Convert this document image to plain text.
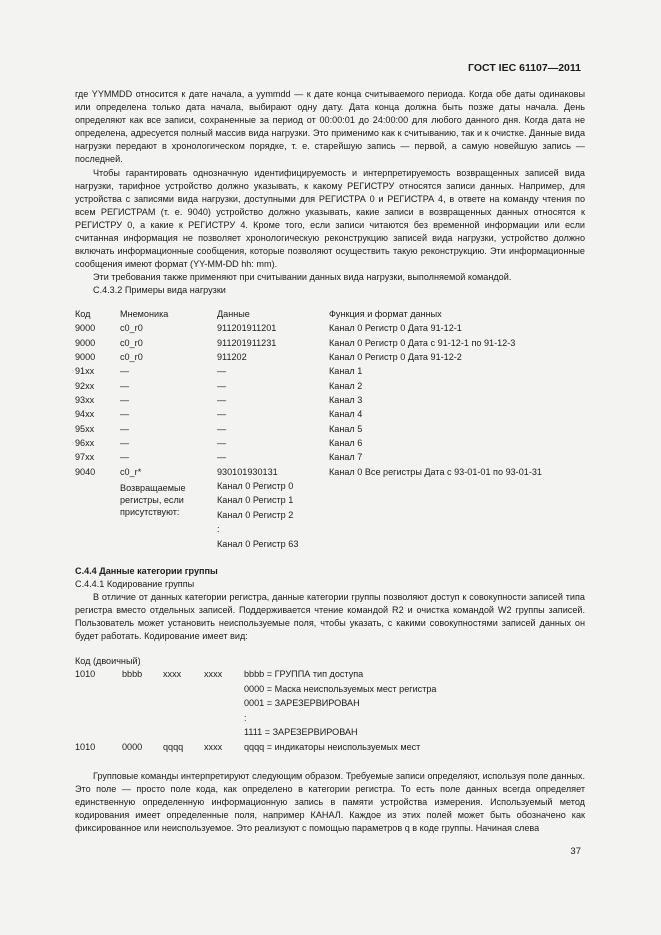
ГОСТ IEC 61107—2011

где YYMMDD относится к дате начала, а yymmdd — к дате конца считываемого периода. Когда обе даты одинаковы или определена только дата начала, выбирают одну дату. Дата конца должна быть позже даты начала. День определяют как все записи, сохраненные за период от 00:00:01 до 24:00:00 для любого данного дня. Когда дата не определена, адресуется полный массив вида нагрузки. Это применимо как к считыванию, так и к очистке. Данные вида нагрузки передают в хронологическом порядке, т. е. старейшую запись — первой, а самую новейшую запись — последней.

Чтобы гарантировать однозначную идентифицируемость и интерпретируемость возвращенных записей вида нагрузки, тарифное устройство должно указывать, к какому РЕГИСТРУ относятся записи данных. Например, для устройства с записями вида нагрузки, доступными для РЕГИСТРА 0 и РЕГИСТРА 4, в ответе на команду чтения по всем РЕГИСТРАМ (т. е. 9040) устройство должно указывать, какие записи в возвращенных данных относятся к РЕГИСТРУ 0, а какие к РЕГИСТРУ 4. Кроме того, если записи читаются без временной информации или если считанная информация не позволяет хронологическую реконструкцию записей вида нагрузки, устройство должно включать информационные сообщения, которые позволяют осуществить такую реконструкцию. Эти информационные сообщения имеют формат (YY-MM-DD hh: mm).

Эти требования также применяют при считывании данных вида нагрузки, выполняемой командой.

C.4.3.2 Примеры вида нагрузки
Код	Мнемоника	Данные	Функция и формат данных
9000	c0_r0	911201911201	Канал 0 Регистр 0 Дата 91-12-1
9000	c0_r0	911201911231	Канал 0 Регистр 0 Дата с 91-12-1 по 91-12-3
9000	c0_r0	911202	Канал 0 Регистр 0 Дата 91-12-2
91xx	—	—	Канал 1
92xx	—	—	Канал 2
93xx	—	—	Канал 3
94xx	—	—	Канал 4
95xx	—	—	Канал 5
96xx	—	—	Канал 6
97xx	—	—	Канал 7
9040	c0_r*	930101930131	Канал 0 Все регистры Дата с 93-01-01 по 93-01-31
	Возвращаемые регистры, если присутствуют:	Канал 0 Регистр 0	
		Канал 0 Регистр 1	
		Канал 0 Регистр 2	
		:	
		Канал 0 Регистр 63	
C.4.4 Данные категории группы
C.4.4.1 Кодирование группы

В отличие от данных категории регистра, данные категории группы позволяют доступ к совокупности записей типа регистра вместо отдельных записей. Поддерживается чтение командой R2 и очистка командой W2 группы записей. Пользователь может установить неиспользуемые поля, чтобы указать, с какими совокупностями записей данных он будет работать. Кодирование имеет вид:

Код (двоичный)
1010	bbbb	xxxx	xxxx	bbbb = ГРУППА тип доступа
				0000 = Маска неиспользуемых мест регистра
				0001 = ЗАРЕЗЕРВИРОВАН
				:
				1111 = ЗАРЕЗЕРВИРОВАН
1010	0000	qqqq	xxxx	qqqq = индикаторы неиспользуемых мест

Групповые команды интерпретируют следующим образом. Требуемые записи определяют, используя поле данных. Это поле — просто поле кода, как определено в категории регистра. То есть поле данных всегда определяет единственную определенную информационную запись в памяти устройства измерения. Используемый метод кодирования имеет определенные поля, например КАНАЛ. Каждое из этих полей может быть обозначено как фиксированное или неиспользуемое. Это реализуют с помощью параметров q в коде группы. Начиная слева

37
